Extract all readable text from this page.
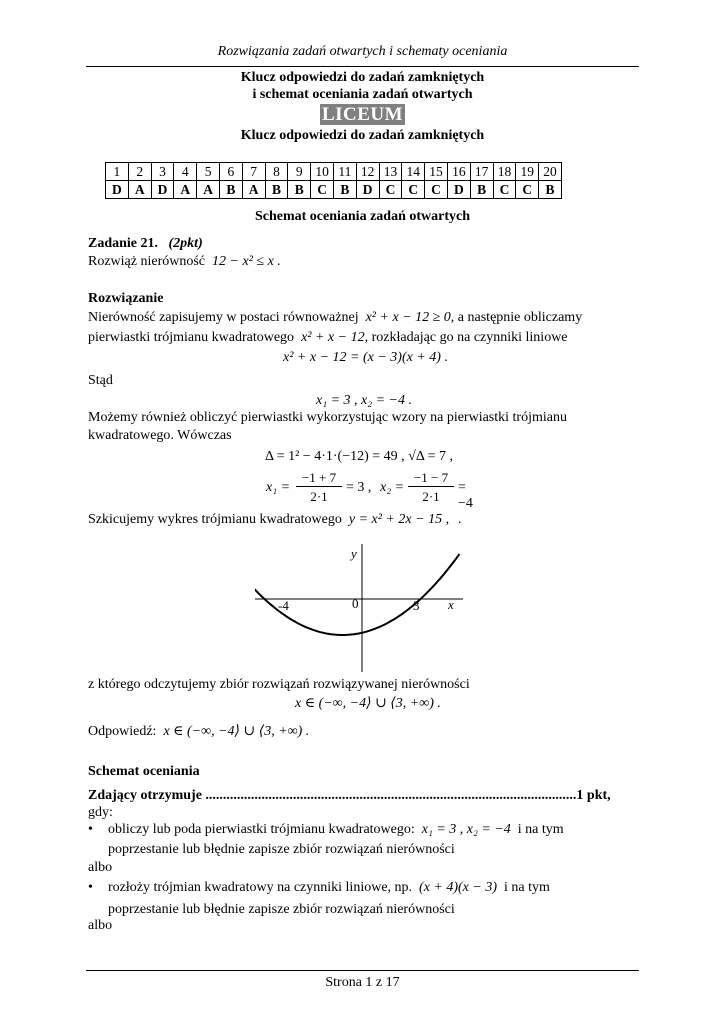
Rozwiązania zadań otwartych i schematy oceniania
Klucz odpowiedzi do zadań zamkniętych
i schemat oceniania zadań otwartych
LICEUM
Klucz odpowiedzi do zadań zamkniętych
1	2	3	4	5	6	7	8	9	10	11	12	13	14	15	16	17	18	19	20
D	A	D	A	A	B	A	B	B	C	B	D	C	C	C	D	B	C	C	B
Schemat oceniania zadań otwartych
Zadanie 21. (2pkt)
Rozwiąż nierówność 12 − x² ≤ x .
Rozwiązanie
Nierówność zapisujemy w postaci równoważnej x² + x − 12 ≥ 0, a następnie obliczamy
pierwiastki trójmianu kwadratowego x² + x − 12, rozkładając go na czynniki liniowe
x² + x − 12 = (x − 3)(x + 4) .
Stąd
x₁ = 3 , x₂ = −4 .
Możemy również obliczyć pierwiastki wykorzystując wzory na pierwiastki trójmianu
kwadratowego. Wówczas
Δ = 1² − 4·1·(−12) = 49 , √Δ = 7 ,
x₁ =
−1 + 7
2·1
= 3 , x₂ =
−1 − 7
2·1
= −4 .
Szkicujemy wykres trójmianu kwadratowego y = x² + 2x − 15 ,
y
x
-4	0	3
z którego odczytujemy zbiór rozwiązań rozwiązywanej nierówności
x ∈ (−∞, −4⟩ ∪ ⟨3, +∞) .
Odpowiedź: x ∈ (−∞, −4⟩ ∪ ⟨3, +∞) .
Schemat oceniania
Zdający otrzymuje ..........................................................................................................1 pkt,
gdy:
• obliczy lub poda pierwiastki trójmianu kwadratowego: x₁ = 3 , x₂ = −4 i na tym
poprzestanie lub błędnie zapisze zbiór rozwiązań nierówności
albo
• rozłoży trójmian kwadratowy na czynniki liniowe, np. (x + 4)(x − 3) i na tym
poprzestanie lub błędnie zapisze zbiór rozwiązań nierówności
albo
Strona 1 z 17
